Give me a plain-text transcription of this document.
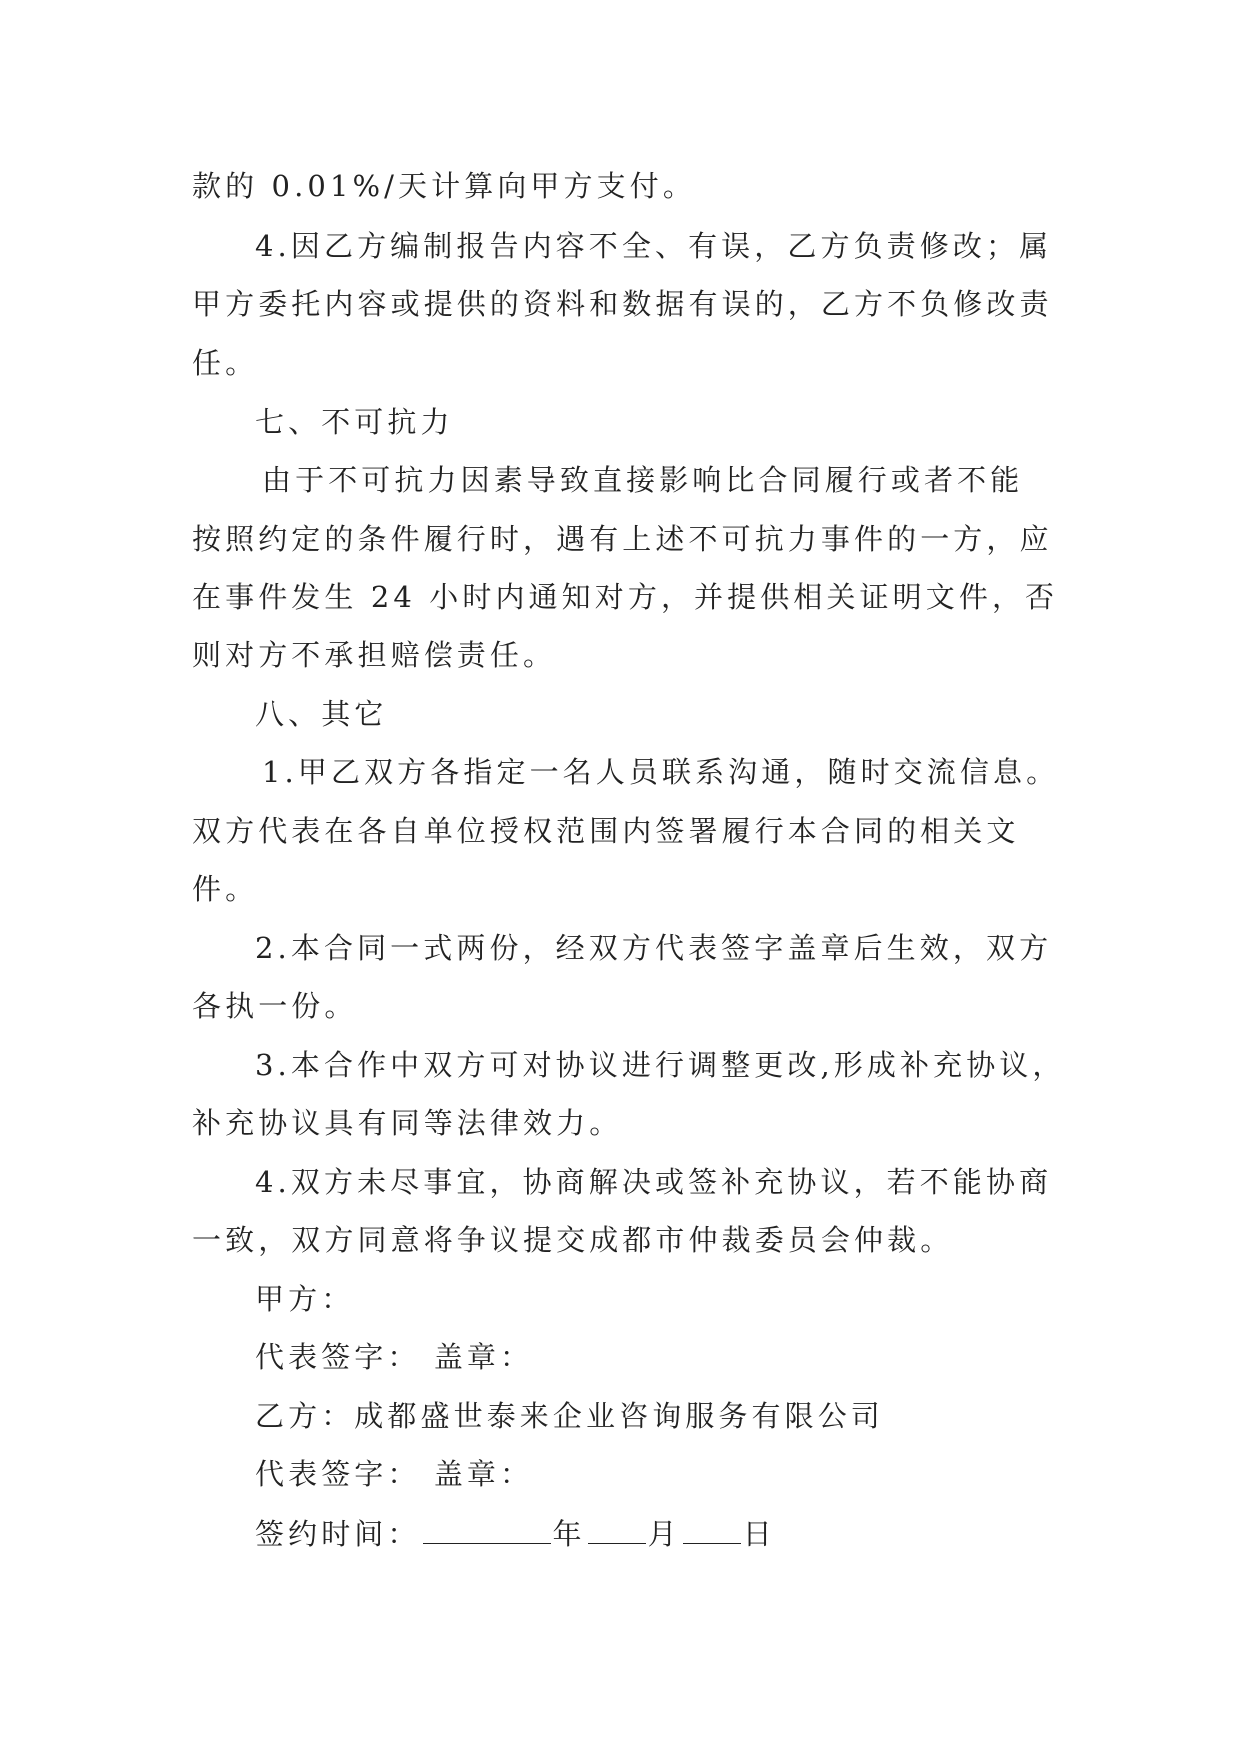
款的 0.01%/天计算向甲方支付。
4.因乙方编制报告内容不全、有误，乙方负责修改；属
甲方委托内容或提供的资料和数据有误的，乙方不负修改责
任。
七、不可抗力
由于不可抗力因素导致直接影响比合同履行或者不能
按照约定的条件履行时，遇有上述不可抗力事件的一方，应
在事件发生 24 小时内通知对方，并提供相关证明文件，否
则对方不承担赔偿责任。
八、其它
1.甲乙双方各指定一名人员联系沟通，随时交流信息。
双方代表在各自单位授权范围内签署履行本合同的相关文
件。
2.本合同一式两份，经双方代表签字盖章后生效，双方
各执一份。
3.本合作中双方可对协议进行调整更改,形成补充协议，
补充协议具有同等法律效力。
4.双方未尽事宜，协商解决或签补充协议，若不能协商
一致，双方同意将争议提交成都市仲裁委员会仲裁。
甲方：
代表签字： 盖章：
乙方：成都盛世泰来企业咨询服务有限公司
代表签字： 盖章：
签约时间：	年 月 日
